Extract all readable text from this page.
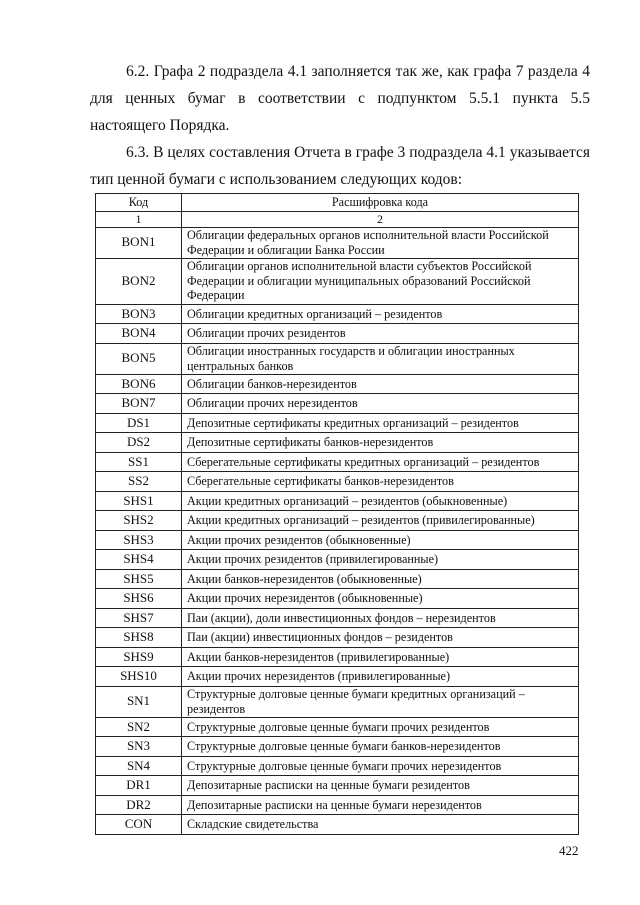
6.2. Графа 2 подраздела 4.1 заполняется так же, как графа 7 раздела 4 для ценных бумаг в соответствии с подпунктом 5.5.1 пункта 5.5 настоящего Порядка.

6.3. В целях составления Отчета в графе 3 подраздела 4.1 указывается тип ценной бумаги с использованием следующих кодов:

Код	Расшифровка кода
1	2
BON1	Облигации федеральных органов исполнительной власти Российской Федерации и облигации Банка России
BON2	Облигации органов исполнительной власти субъектов Российской Федерации и облигации муниципальных образований Российской Федерации
BON3	Облигации кредитных организаций – резидентов
BON4	Облигации прочих резидентов
BON5	Облигации иностранных государств и облигации иностранных центральных банков
BON6	Облигации банков-нерезидентов
BON7	Облигации прочих нерезидентов
DS1	Депозитные сертификаты кредитных организаций – резидентов
DS2	Депозитные сертификаты банков-нерезидентов
SS1	Сберегательные сертификаты кредитных организаций – резидентов
SS2	Сберегательные сертификаты банков-нерезидентов
SHS1	Акции кредитных организаций – резидентов (обыкновенные)
SHS2	Акции кредитных организаций – резидентов (привилегированные)
SHS3	Акции прочих резидентов (обыкновенные)
SHS4	Акции прочих резидентов (привилегированные)
SHS5	Акции банков-нерезидентов (обыкновенные)
SHS6	Акции прочих нерезидентов (обыкновенные)
SHS7	Паи (акции), доли инвестиционных фондов – нерезидентов
SHS8	Паи (акции) инвестиционных фондов – резидентов
SHS9	Акции банков-нерезидентов (привилегированные)
SHS10	Акции прочих нерезидентов (привилегированные)
SN1	Структурные долговые ценные бумаги кредитных организаций – резидентов
SN2	Структурные долговые ценные бумаги прочих резидентов
SN3	Структурные долговые ценные бумаги банков-нерезидентов
SN4	Структурные долговые ценные бумаги прочих нерезидентов
DR1	Депозитарные расписки на ценные бумаги резидентов
DR2	Депозитарные расписки на ценные бумаги нерезидентов
CON	Складские свидетельства
422
